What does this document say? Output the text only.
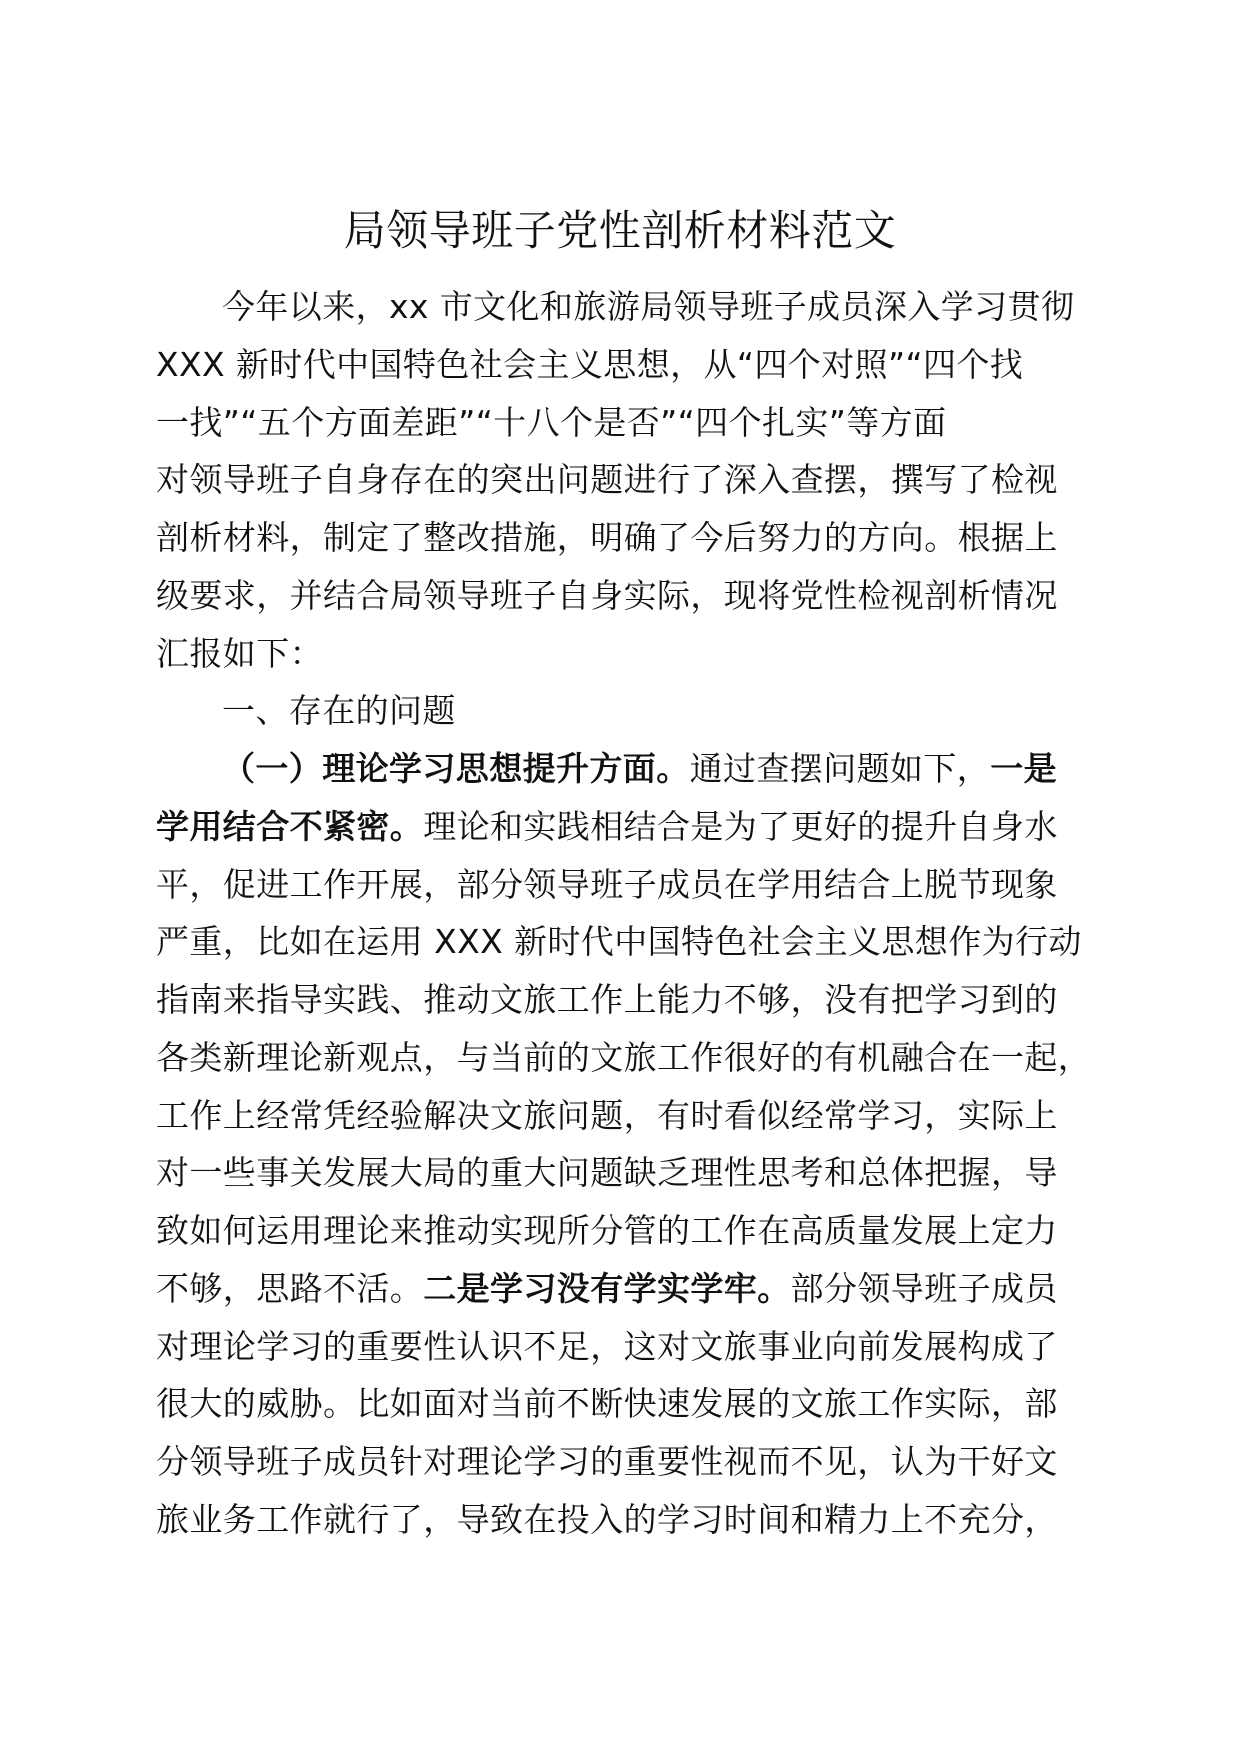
局领导班子党性剖析材料范文
今年以来，xx 市文化和旅游局领导班子成员深入学习贯彻
XXX 新时代中国特色社会主义思想，从“四个对照”“四个找
一找”“五个方面差距”“十八个是否”“四个扎实”等方面
对领导班子自身存在的突出问题进行了深入查摆，撰写了检视
剖析材料，制定了整改措施，明确了今后努力的方向。根据上
级要求，并结合局领导班子自身实际，现将党性检视剖析情况
汇报如下：
一、存在的问题
（一）理论学习思想提升方面。通过查摆问题如下，一是
学用结合不紧密。理论和实践相结合是为了更好的提升自身水
平，促进工作开展，部分领导班子成员在学用结合上脱节现象
严重，比如在运用 XXX 新时代中国特色社会主义思想作为行动
指南来指导实践、推动文旅工作上能力不够，没有把学习到的
各类新理论新观点，与当前的文旅工作很好的有机融合在一起，
工作上经常凭经验解决文旅问题，有时看似经常学习，实际上
对一些事关发展大局的重大问题缺乏理性思考和总体把握，导
致如何运用理论来推动实现所分管的工作在高质量发展上定力
不够，思路不活。二是学习没有学实学牢。部分领导班子成员
对理论学习的重要性认识不足，这对文旅事业向前发展构成了
很大的威胁。比如面对当前不断快速发展的文旅工作实际，部
分领导班子成员针对理论学习的重要性视而不见，认为干好文
旅业务工作就行了，导致在投入的学习时间和精力上不充分，
